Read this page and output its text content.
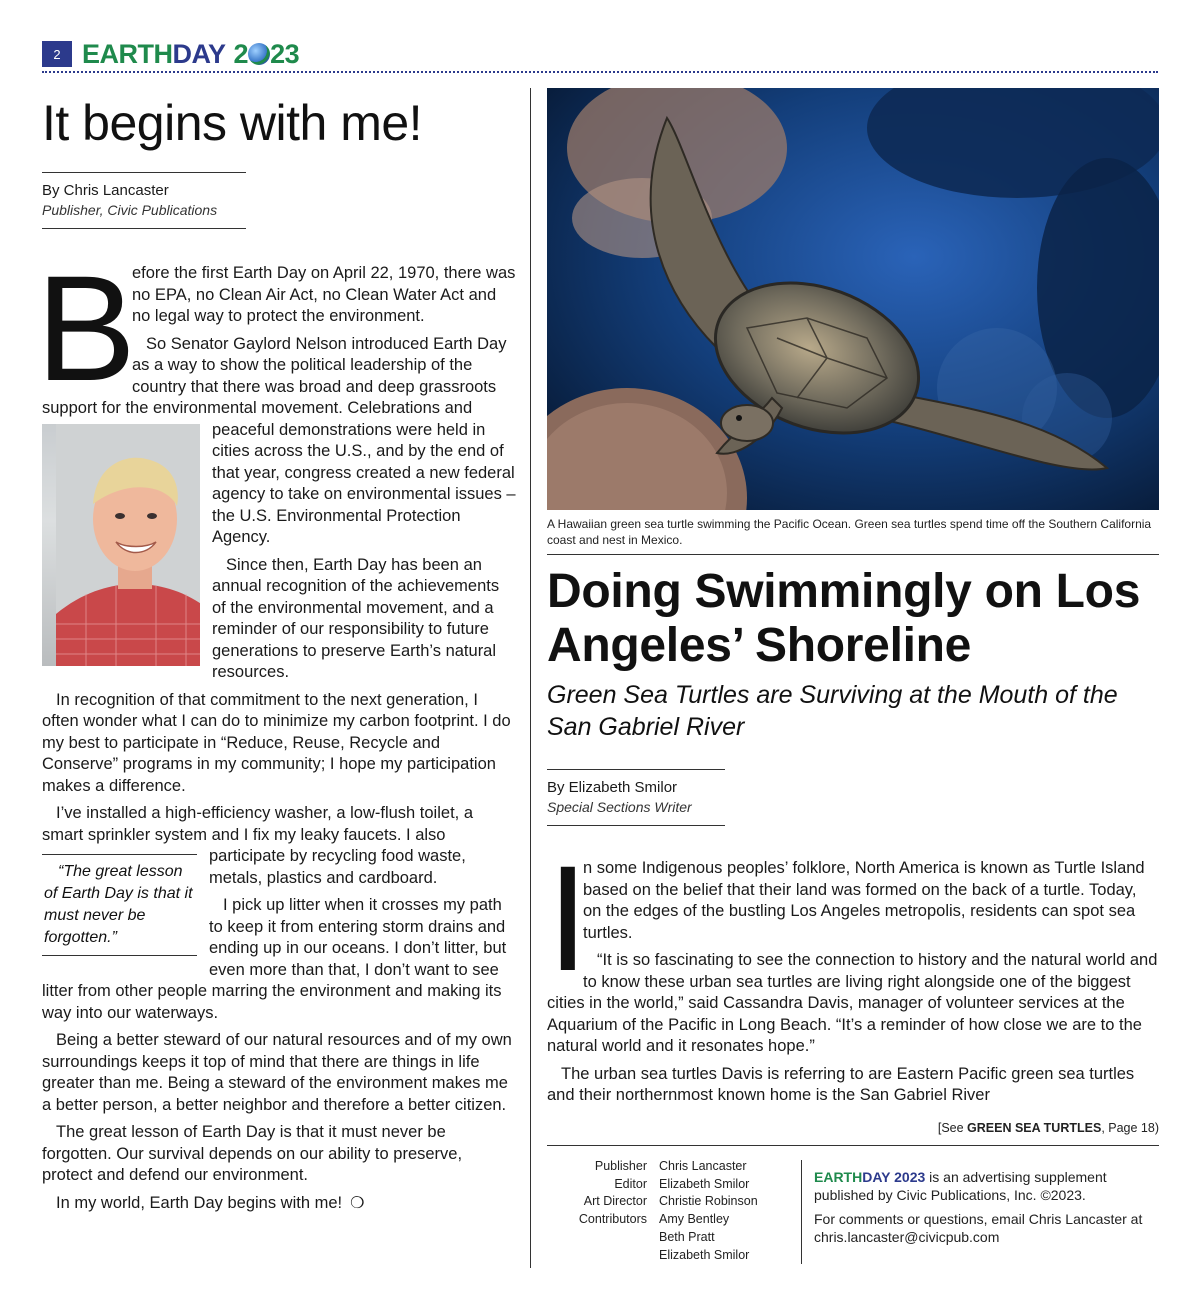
2 EARTHDAY 2 23
It begins with me!
By Chris Lancaster
Publisher, Civic Publications
B

efore the first Earth Day on April 22, 1970, there was no EPA, no Clean Air Act, no Clean Water Act and no legal way to protect the environment.

So Senator Gaylord Nelson introduced Earth Day as a way to show the political leadership of the country that there was broad and deep grassroots support for the environmental movement. Celebrations
and peaceful demonstrations were held in cities across the U.S., and by the end of that year, congress created a new federal agency to take on environmental issues – the U.S. Environmental Protection Agency.

Since then, Earth Day has been an annual recognition of the achievements of the environmental movement, and a reminder of our responsibility to future generations to preserve Earth’s natural resources.

In recognition of that commitment to the next generation, I often wonder what I can do to minimize my carbon footprint. I do my best to participate in “Reduce, Reuse, Recycle and Conserve” programs in my community; I hope my participation makes a difference.

I’ve installed a high-efficiency washer, a low-flush toilet, a smart sprinkler system and I fix my leaky faucets. I also
“The great lesson of Earth Day is that it must never be forgotten.”
participate by recycling food waste, metals, plastics and cardboard.

I pick up litter when it crosses my path to keep it from entering storm drains and ending up in our oceans. I don’t litter, but even more than that, I don’t want to see litter from other people marring the environment and making its way into our waterways.

Being a better steward of our natural resources and of my own surroundings keeps it top of mind that there are things in life greater than me. Being a steward of the environment makes me a better person, a better neighbor and therefore a better citizen.

The great lesson of Earth Day is that it must never be forgotten. Our survival depends on our ability to preserve, protect and defend our environment.

In my world, Earth Day begins with me! ❍

A Hawaiian green sea turtle swimming the Pacific Ocean. Green sea turtles spend time off the Southern California coast and nest in Mexico.
Doing Swimmingly on Los Angeles’ Shoreline
Green Sea Turtles are Surviving at the Mouth of the San Gabriel River
By Elizabeth Smilor
Special Sections Writer
I

n some Indigenous peoples’ folklore, North America is known as Turtle Island based on the belief that their land was formed on the back of a turtle. Today, on the edges of the bustling Los Angeles metropolis, residents can spot sea turtles.

“It is so fascinating to see the connection to history and the natural world and to know these urban sea turtles are living right alongside one of the biggest cities in the world,” said Cassandra Davis, manager of volunteer services at the Aquarium of the Pacific in Long Beach. “It’s a reminder of how close we are to the natural world and it resonates hope.”

The urban sea turtles Davis is referring to are Eastern Pacific green sea turtles and their northernmost known home is the San Gabriel River

[See GREEN SEA TURTLES, Page 18)
Publisher Chris Lancaster
Editor Elizabeth Smilor
Art Director Christie Robinson
Contributors Amy Bentley
Beth Pratt
Elizabeth Smilor

EARTHDAY 2023 is an advertising supplement published by Civic Publications, Inc. ©2023.

For comments or questions, email Chris Lancaster at chris.lancaster@civicpub.com
